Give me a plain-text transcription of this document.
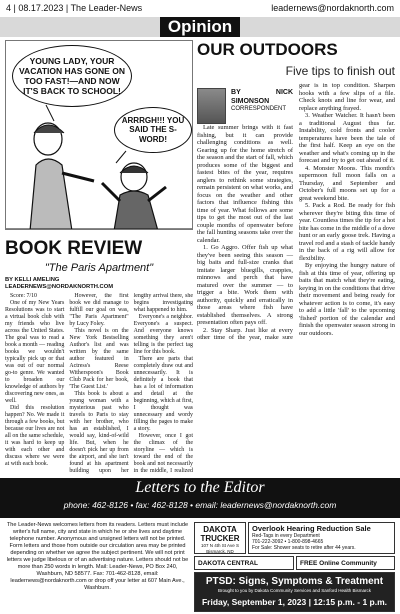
4 | 08.17.2023 | The Leader-News	leadernews@nordaknorth.com
Opinion
YOUNG LADY, YOUR VACATION HAS GONE ON TOO FAST!—AND NOW IT'S BACK TO SCHOOL!
ARRRGH!!! YOU SAID THE S-WORD!
OUR OUTDOORS
Five tips to finish out
BY NICK SIMONSON
CORRESPONDENT

Late summer brings with it fast fishing, but it can provide challenging conditions as well. Gearing up for the home stretch of the season and the start of fall, which produces some of the biggest and fastest bites of the year, requires anglers to rethink some strategies, remain persistent on what works, and focus on the weather and other factors that influence fishing this time of year. What follows are some tips to get the most out of the last couple months of openwater before the fall hunting seasons take over the calendar.

1. Go Aggro. Offer fish up what they've been seeing this season — big baits and full-size cranks that imitate larger bluegills, crappies, minnows and perch that have matured over the summer — to trigger a bite. Work them with authority, quickly and erratically in those areas where fish have established themselves. A strong presentation often pays off.

2. Stay Sharp. Just like at every other time of the year, make sure gear is in top condition. Sharpen hooks with a few slips of a file. Check knots and line for wear, and replace anything frayed.

3. Weather Watcher. It hasn't been a traditional August thus far. Instability, cold fronts and cooler temperatures have been the tale of the first half. Keep an eye on the weather and what's coming up in the forecast and try to get out ahead of it.

4. Monster Moons. This month's supermoon full moon falls on a Thursday, and September and October's full moons set up for a great weekend bite.

5. Pack a Rod. Be ready for fish wherever they're biting this time of year. Countless times the tip for a hot bite has come in the middle of a dove hunt or an early goose trek. Having a travel rod and a stash of tackle handy in the back of a rig will allow for flexibility.

By enjoying the hungry nature of fish at this time of year, offering up baits that match what they're eating, keying in on the conditions that drive their movement and being ready for whatever action is to come, it's easy to add a little 'fall' to the upcoming 'fished' portion of the calendar and finish the openwater season strong in our outdoors.

BOOK REVIEW
"The Paris Apartment"
BY KELLI AMELING
LEADERNEWS@NORDAKNORTH.COM

Score: 7/10

One of my New Years Resolutions was to start a virtual book club with my friends who live across the United States. The goal was to read a book a month — reading books we wouldn't typically pick up or that was out of our normal go-to genre. We wanted to broaden our knowledge of authors by discovering new ones, as well.

Did this resolution happen? No. We made it through a few books, but because our lives are not all on the same schedule, it was hard to keep up with each other and discuss where we were at with each book.

However, the first book we did manage to fulfill our goal on was, "The Paris Apartment" by Lucy Foley.

This novel is on the New York Bestselling Author's list and was written by the same author featured in Actress's Reese Witherspoon's Book Club Pack for her book, 'The Guest List.'

This book is about a young woman with a mysterious past who travels to Paris to stay with her brother, who has an established, I would say, kind-of-wild life. But, when he doesn't pick her up from the airport, and she isn't found at his apartment building upon her lengthy arrival there, she begins investigating what happened to him.

Everyone's a neighbor. Everyone's a suspect. And everyone knows something they aren't telling is the perfect tag line for this book.

There are parts that completely draw out and unnecessarily. It is definitely a book that has a lot of information and detail at the beginning, which at first, I thought was unnecessary and wordy filling the pages to make a story.

However, once I got the climax of the storyline — which is toward the end of the book and not necessarily in the middle, I realized

Letters to the Editor
phone: 462-8126 • fax: 462-8128 • email: leadernews@nordaknorth.com
The Leader-News welcomes letters from its readers. Letters must include writer's full name, city and state in which he or she lives and daytime telephone number. Anonymous and unsigned letters will not be printed. Form letters and those from outside our circulation area may be printed depending on whether we agree the subject pertinent. We will not print letters we judge libelous or of an advertising nature. Letters should not be more than 250 words in length. Mail: Leader-News, PO Box 240, Washburn, ND 58577. Fax: 701-462-8128, email: leadernews@nordaknorth.com or drop off your letter at 607 Main Ave., Washburn.
DAKOTA TRUCKER
107 N 4th St Ave S Bismarck, ND
Overlook Hearing Reduction Sale
Red-Tags in every Department
701-222-3092 • 1-800-898-4665
For Sale: Shower seats to retire after 44 years.
DAKOTA CENTRAL	FREE Online Community
PTSD: Signs, Symptoms & Treatment
Brought to you by Dakota Community Services and Sanford Health Bismarck
Friday, September 1, 2023 | 12:15 p.m. - 1 p.m.
